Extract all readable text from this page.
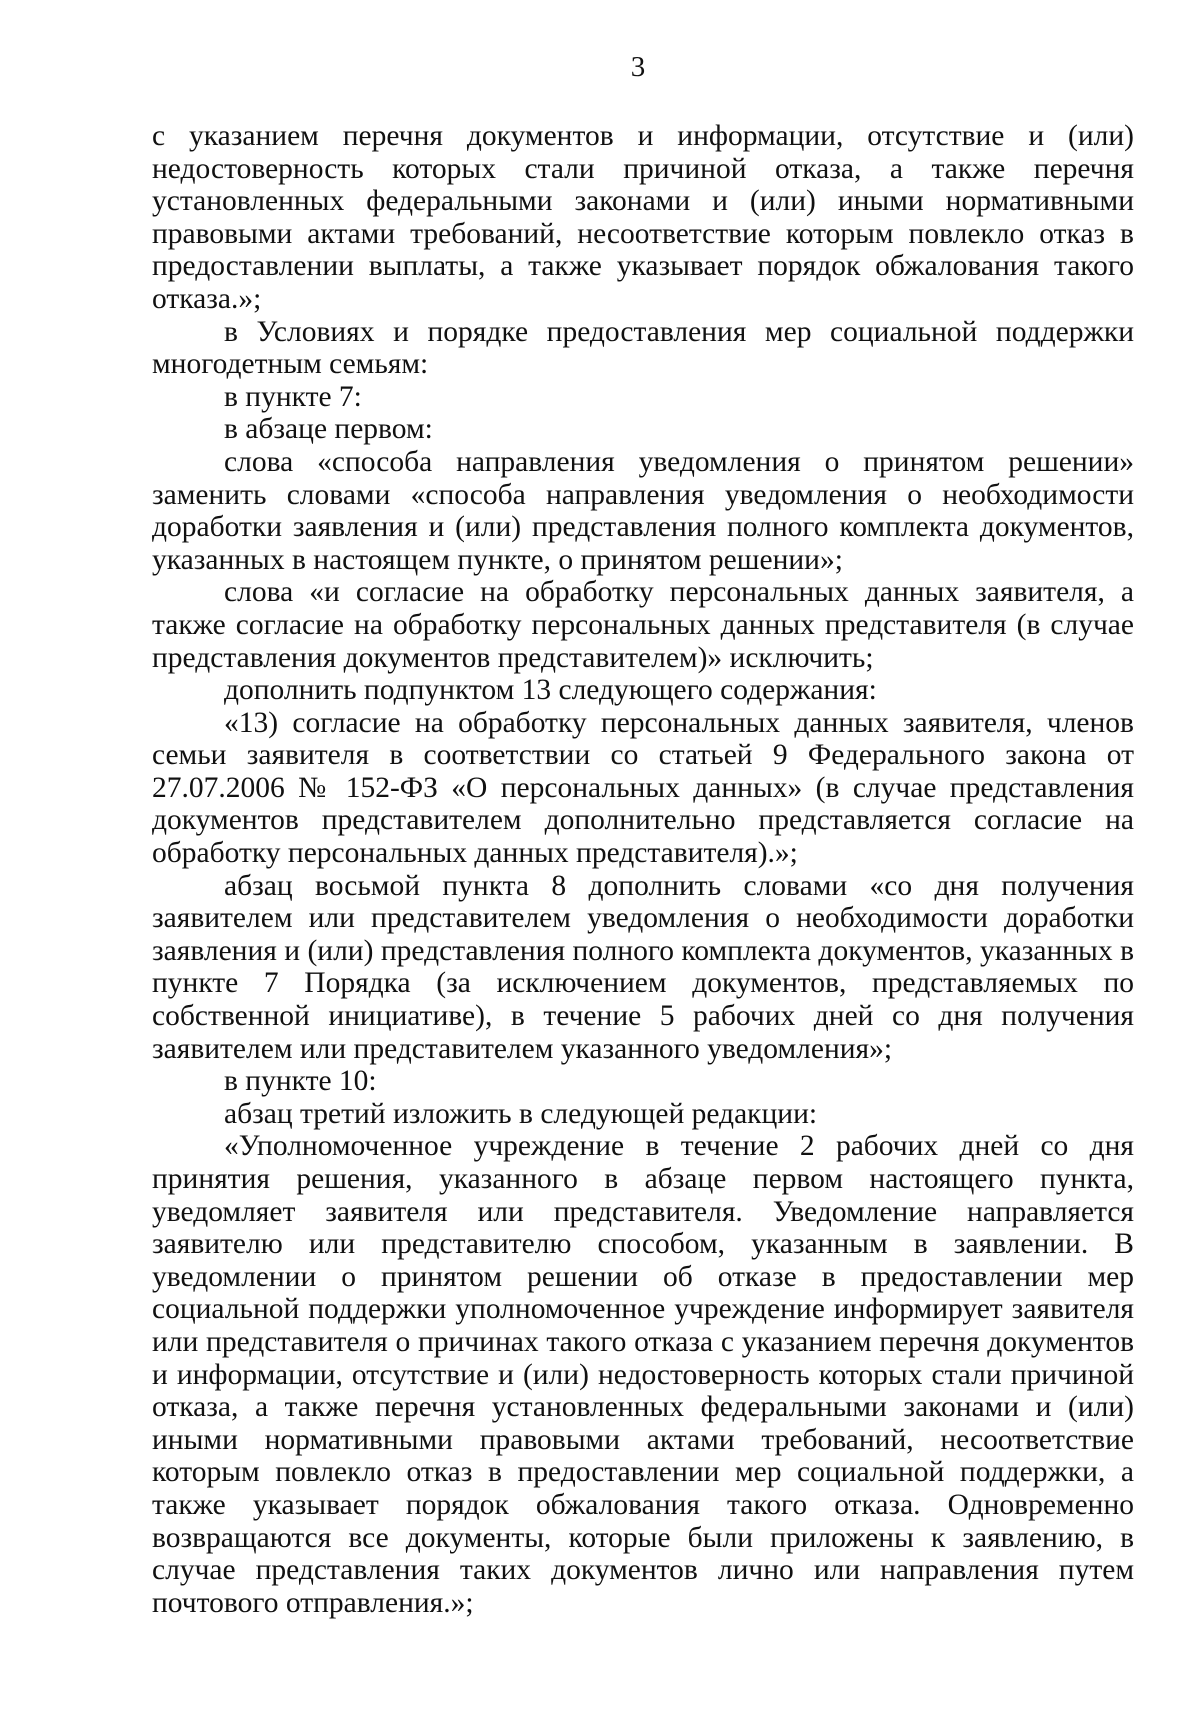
3

с указанием перечня документов и информации, отсутствие и (или) недостоверность которых стали причиной отказа, а также перечня установленных федеральными законами и (или) иными нормативными правовыми актами требований, несоответствие которым повлекло отказ в предоставлении выплаты, а также указывает порядок обжалования такого отказа.»;

в Условиях и порядке предоставления мер социальной поддержки многодетным семьям:

в пункте 7:

в абзаце первом:

слова «способа направления уведомления о принятом решении» заменить словами «способа направления уведомления о необходимости доработки заявления и (или) представления полного комплекта документов, указанных в настоящем пункте, о принятом решении»;

слова «и согласие на обработку персональных данных заявителя, а также согласие на обработку персональных данных представителя (в случае представления документов представителем)» исключить;

дополнить подпунктом 13 следующего содержания:

«13) согласие на обработку персональных данных заявителя, членов семьи заявителя в соответствии со статьей 9 Федерального закона от 27.07.2006 № 152-ФЗ «О персональных данных» (в случае представления документов представителем дополнительно представляется согласие на обработку персональных данных представителя).»;

абзац восьмой пункта 8 дополнить словами «со дня получения заявителем или представителем уведомления о необходимости доработки заявления и (или) представления полного комплекта документов, указанных в пункте 7 Порядка (за исключением документов, представляемых по собственной инициативе), в течение 5 рабочих дней со дня получения заявителем или представителем указанного уведомления»;

в пункте 10:

абзац третий изложить в следующей редакции:

«Уполномоченное учреждение в течение 2 рабочих дней со дня принятия решения, указанного в абзаце первом настоящего пункта, уведомляет заявителя или представителя. Уведомление направляется заявителю или представителю способом, указанным в заявлении. В уведомлении о принятом решении об отказе в предоставлении мер социальной поддержки уполномоченное учреждение информирует заявителя или представителя о причинах такого отказа с указанием перечня документов и информации, отсутствие и (или) недостоверность которых стали причиной отказа, а также перечня установленных федеральными законами и (или) иными нормативными правовыми актами требований, несоответствие которым повлекло отказ в предоставлении мер социальной поддержки, а также указывает порядок обжалования такого отказа. Одновременно возвращаются все документы, которые были приложены к заявлению, в случае представления таких документов лично или направления путем почтового отправления.»;
